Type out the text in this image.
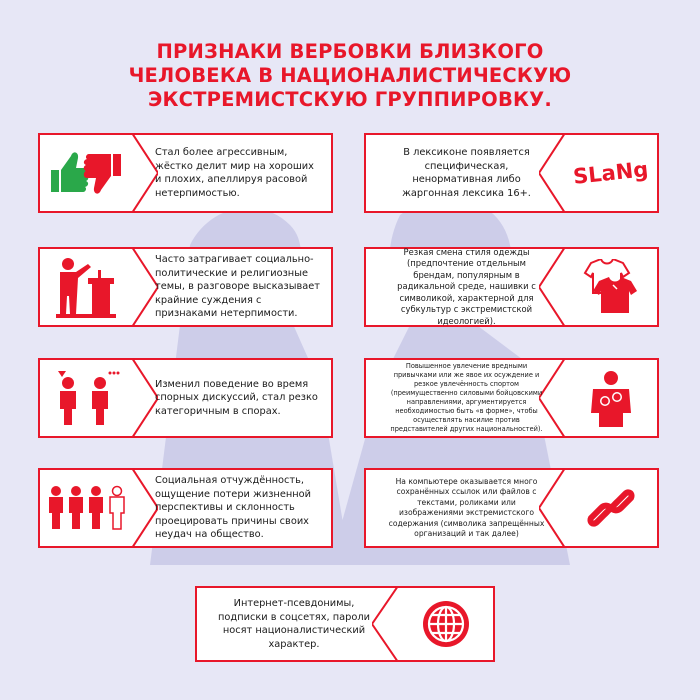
ПРИЗНАКИ ВЕРБОВКИ БЛИЗКОГО
ЧЕЛОВЕКА В НАЦИОНАЛИСТИЧЕСКУЮ
ЭКСТРЕМИСТСКУЮ ГРУППИРОВКУ.
Стал более агрессивным, жёстко делит мир на хороших и плохих, апеллируя расовой нетерпимостью.
Часто затрагивает социально-политические и религиозные темы, в разговоре высказывает крайние суждения с признаками нетерпимости.
Изменил поведение во время спорных дискуссий, стал резко категоричным в спорах.
Социальная отчуждённость, ощущение потери жизненной перспективы и склонность проецировать причины своих неудач на общество.
В лексиконе появляется специфическая, ненормативная либо жаргонная лексика 16+.
SLaNg
Резкая смена стиля одежды (предпочтение отдельным брендам, популярным в радикальной среде, нашивки с символикой, характерной для субкультур с экстремистской идеологией).
Повышенное увлечение вредными привычками или же явое их осуждение и резкое увлечённость спортом (преимущественно силовыми бойцовскими направлениями, аргументируется необходимостью быть «в форме», чтобы осуществлять насилие против представителей других национальностей).
На компьютере оказывается много сохранённых ссылок или файлов с текстами, роликами или изображениями экстремистского содержания (символика запрещённых организаций и так далее)
Интернет-псевдонимы, подписки в соцсетях, пароли носят националистический характер.
